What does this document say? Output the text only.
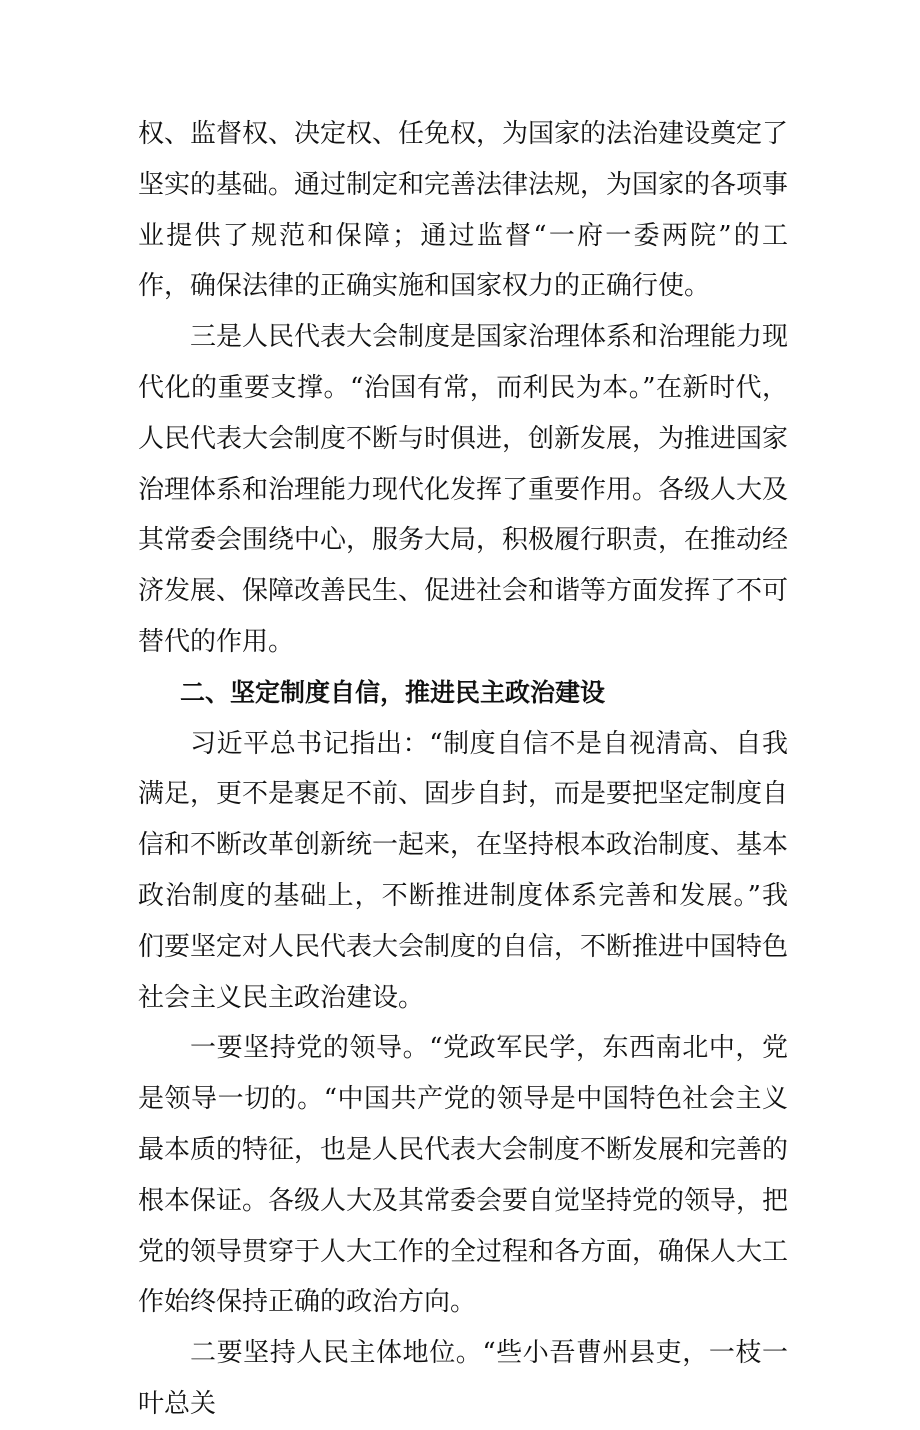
权、监督权、决定权、任免权，为国家的法治建设奠定了坚实的基础。通过制定和完善法律法规，为国家的各项事业提供了规范和保障；通过监督“一府一委两院”的工作，确保法律的正确实施和国家权力的正确行使。

三是人民代表大会制度是国家治理体系和治理能力现代化的重要支撑。“治国有常，而利民为本。”在新时代，人民代表大会制度不断与时俱进，创新发展，为推进国家治理体系和治理能力现代化发挥了重要作用。各级人大及其常委会围绕中心，服务大局，积极履行职责，在推动经济发展、保障改善民生、促进社会和谐等方面发挥了不可替代的作用。

二、坚定制度自信，推进民主政治建设

习近平总书记指出：“制度自信不是自视清高、自我满足，更不是裹足不前、固步自封，而是要把坚定制度自信和不断改革创新统一起来，在坚持根本政治制度、基本政治制度的基础上，不断推进制度体系完善和发展。”我们要坚定对人民代表大会制度的自信，不断推进中国特色社会主义民主政治建设。

一要坚持党的领导。“党政军民学，东西南北中，党是领导一切的。“中国共产党的领导是中国特色社会主义最本质的特征，也是人民代表大会制度不断发展和完善的根本保证。各级人大及其常委会要自觉坚持党的领导，把党的领导贯穿于人大工作的全过程和各方面，确保人大工作始终保持正确的政治方向。

二要坚持人民主体地位。“些小吾曹州县吏，一枝一叶总关
